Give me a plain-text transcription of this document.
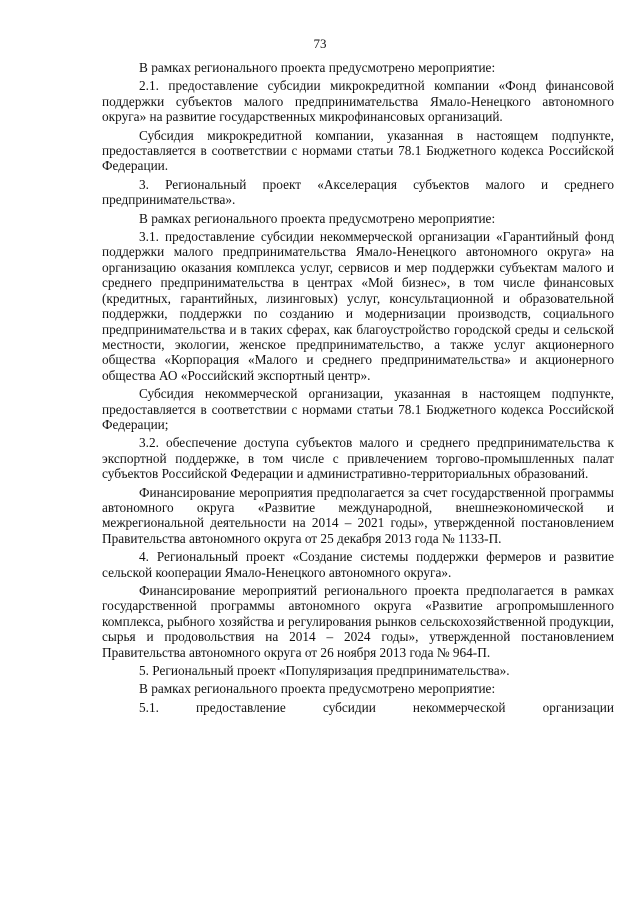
73

В рамках регионального проекта предусмотрено мероприятие:

2.1. предоставление субсидии микрокредитной компании «Фонд финансовой поддержки субъектов малого предпринимательства Ямало-Ненецкого автономного округа» на развитие государственных микрофинансовых организаций.

Субсидия микрокредитной компании, указанная в настоящем подпункте, предоставляется в соответствии с нормами статьи 78.1 Бюджетного кодекса Российской Федерации.

3. Региональный проект «Акселерация субъектов малого и среднего предпринимательства».

В рамках регионального проекта предусмотрено мероприятие:

3.1. предоставление субсидии некоммерческой организации «Гарантийный фонд поддержки малого предпринимательства Ямало-Ненецкого автономного округа» на организацию оказания комплекса услуг, сервисов и мер поддержки субъектам малого и среднего предпринимательства в центрах «Мой бизнес», в том числе финансовых (кредитных, гарантийных, лизинговых) услуг, консультационной и образовательной поддержки, поддержки по созданию и модернизации производств, социального предпринимательства и в таких сферах, как благоустройство городской среды и сельской местности, экологии, женское предпринимательство, а также услуг акционерного общества «Корпорация «Малого и среднего предпринимательства» и акционерного общества АО «Российский экспортный центр».

Субсидия некоммерческой организации, указанная в настоящем подпункте, предоставляется в соответствии с нормами статьи 78.1 Бюджетного кодекса Российской Федерации;

3.2. обеспечение доступа субъектов малого и среднего предпринимательства к экспортной поддержке, в том числе с привлечением торгово-промышленных палат субъектов Российской Федерации и административно-территориальных образований.

Финансирование мероприятия предполагается за счет государственной программы автономного округа «Развитие международной, внешнеэкономической и межрегиональной деятельности на 2014 – 2021 годы», утвержденной постановлением Правительства автономного округа от 25 декабря 2013 года № 1133-П.

4. Региональный проект «Создание системы поддержки фермеров и развитие сельской кооперации Ямало-Ненецкого автономного округа».

Финансирование мероприятий регионального проекта предполагается в рамках государственной программы автономного округа «Развитие агропромышленного комплекса, рыбного хозяйства и регулирования рынков сельскохозяйственной продукции, сырья и продовольствия на 2014 – 2024 годы», утвержденной постановлением Правительства автономного округа от 26 ноября 2013 года № 964-П.

5. Региональный проект «Популяризация предпринимательства».

В рамках регионального проекта предусмотрено мероприятие:

5.1. предоставление субсидии некоммерческой организации
